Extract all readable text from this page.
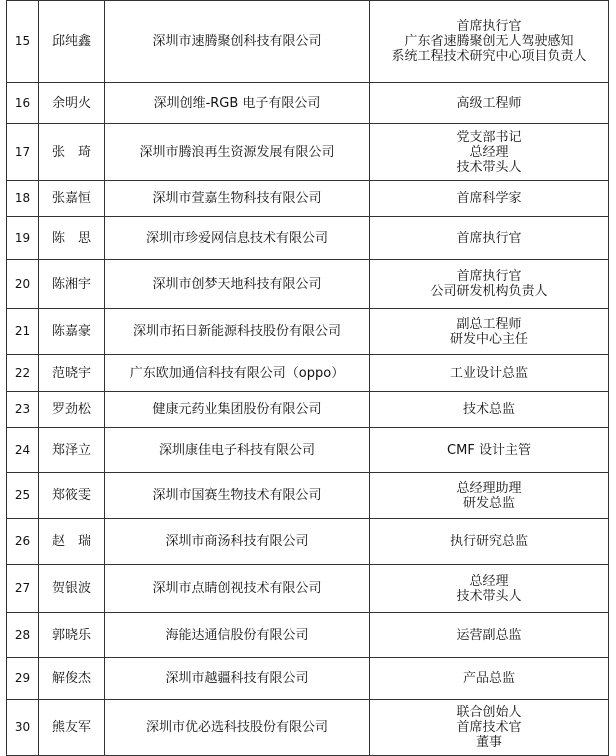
15	邱纯鑫	深圳市速腾聚创科技有限公司	首席执行官
广东省速腾聚创无人驾驶感知
系统工程技术研究中心项目负责人

16	余明火	深圳创维-RGB 电子有限公司	高级工程师

17	张　琦	深圳市腾浪再生资源发展有限公司	党支部书记
总经理
技术带头人

18	张嘉恒	深圳市萱嘉生物科技有限公司	首席科学家

19	陈　思	深圳市珍爱网信息技术有限公司	首席执行官

20	陈湘宇	深圳市创梦天地科技有限公司	首席执行官
公司研发机构负责人

21	陈嘉豪	深圳市拓日新能源科技股份有限公司	副总工程师
研发中心主任

22	范晓宇	广东欧加通信科技有限公司（oppo）	工业设计总监

23	罗劲松	健康元药业集团股份有限公司	技术总监

24	郑泽立	深圳康佳电子科技有限公司	CMF 设计主管

25	郑筱雯	深圳市国赛生物技术有限公司	总经理助理
研发总监

26	赵　瑞	深圳市商汤科技有限公司	执行研究总监

27	贺银波	深圳市点睛创视技术有限公司	总经理
技术带头人

28	郭晓乐	海能达通信股份有限公司	运营副总监

29	解俊杰	深圳市越疆科技有限公司	产品总监

30	熊友军	深圳市优必选科技股份有限公司	联合创始人
首席技术官
董事
